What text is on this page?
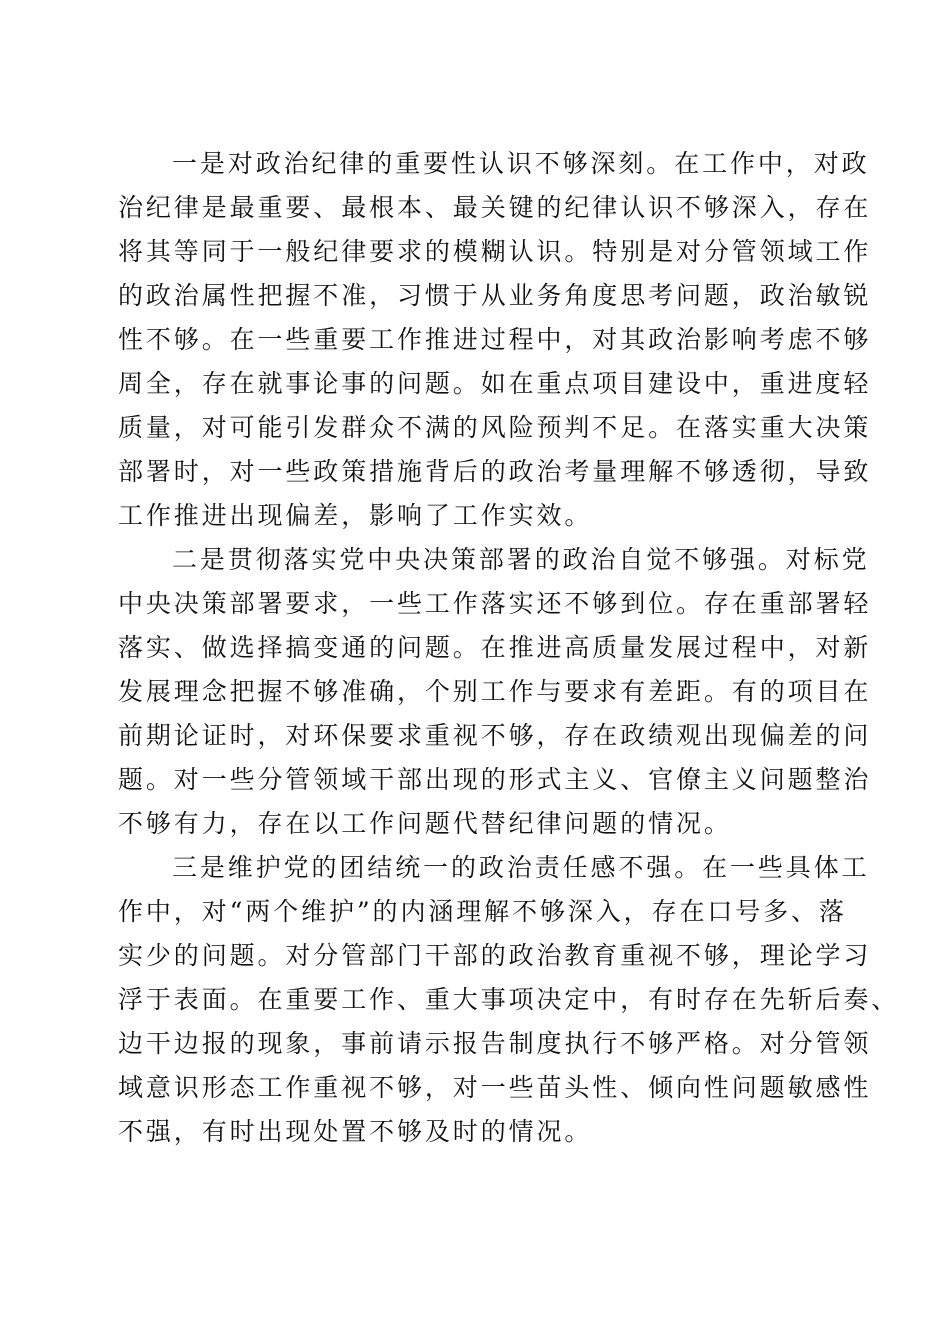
一是对政治纪律的重要性认识不够深刻。在工作中，对政
治纪律是最重要、最根本、最关键的纪律认识不够深入，存在
将其等同于一般纪律要求的模糊认识。特别是对分管领域工作
的政治属性把握不准，习惯于从业务角度思考问题，政治敏锐
性不够。在一些重要工作推进过程中，对其政治影响考虑不够
周全，存在就事论事的问题。如在重点项目建设中，重进度轻
质量，对可能引发群众不满的风险预判不足。在落实重大决策
部署时，对一些政策措施背后的政治考量理解不够透彻，导致
工作推进出现偏差，影响了工作实效。
二是贯彻落实党中央决策部署的政治自觉不够强。对标党
中央决策部署要求，一些工作落实还不够到位。存在重部署轻
落实、做选择搞变通的问题。在推进高质量发展过程中，对新
发展理念把握不够准确，个别工作与要求有差距。有的项目在
前期论证时，对环保要求重视不够，存在政绩观出现偏差的问
题。对一些分管领域干部出现的形式主义、官僚主义问题整治
不够有力，存在以工作问题代替纪律问题的情况。
三是维护党的团结统一的政治责任感不强。在一些具体工
作中，对“两个维护”的内涵理解不够深入，存在口号多、落
实少的问题。对分管部门干部的政治教育重视不够，理论学习
浮于表面。在重要工作、重大事项决定中，有时存在先斩后奏、
边干边报的现象，事前请示报告制度执行不够严格。对分管领
域意识形态工作重视不够，对一些苗头性、倾向性问题敏感性
不强，有时出现处置不够及时的情况。
